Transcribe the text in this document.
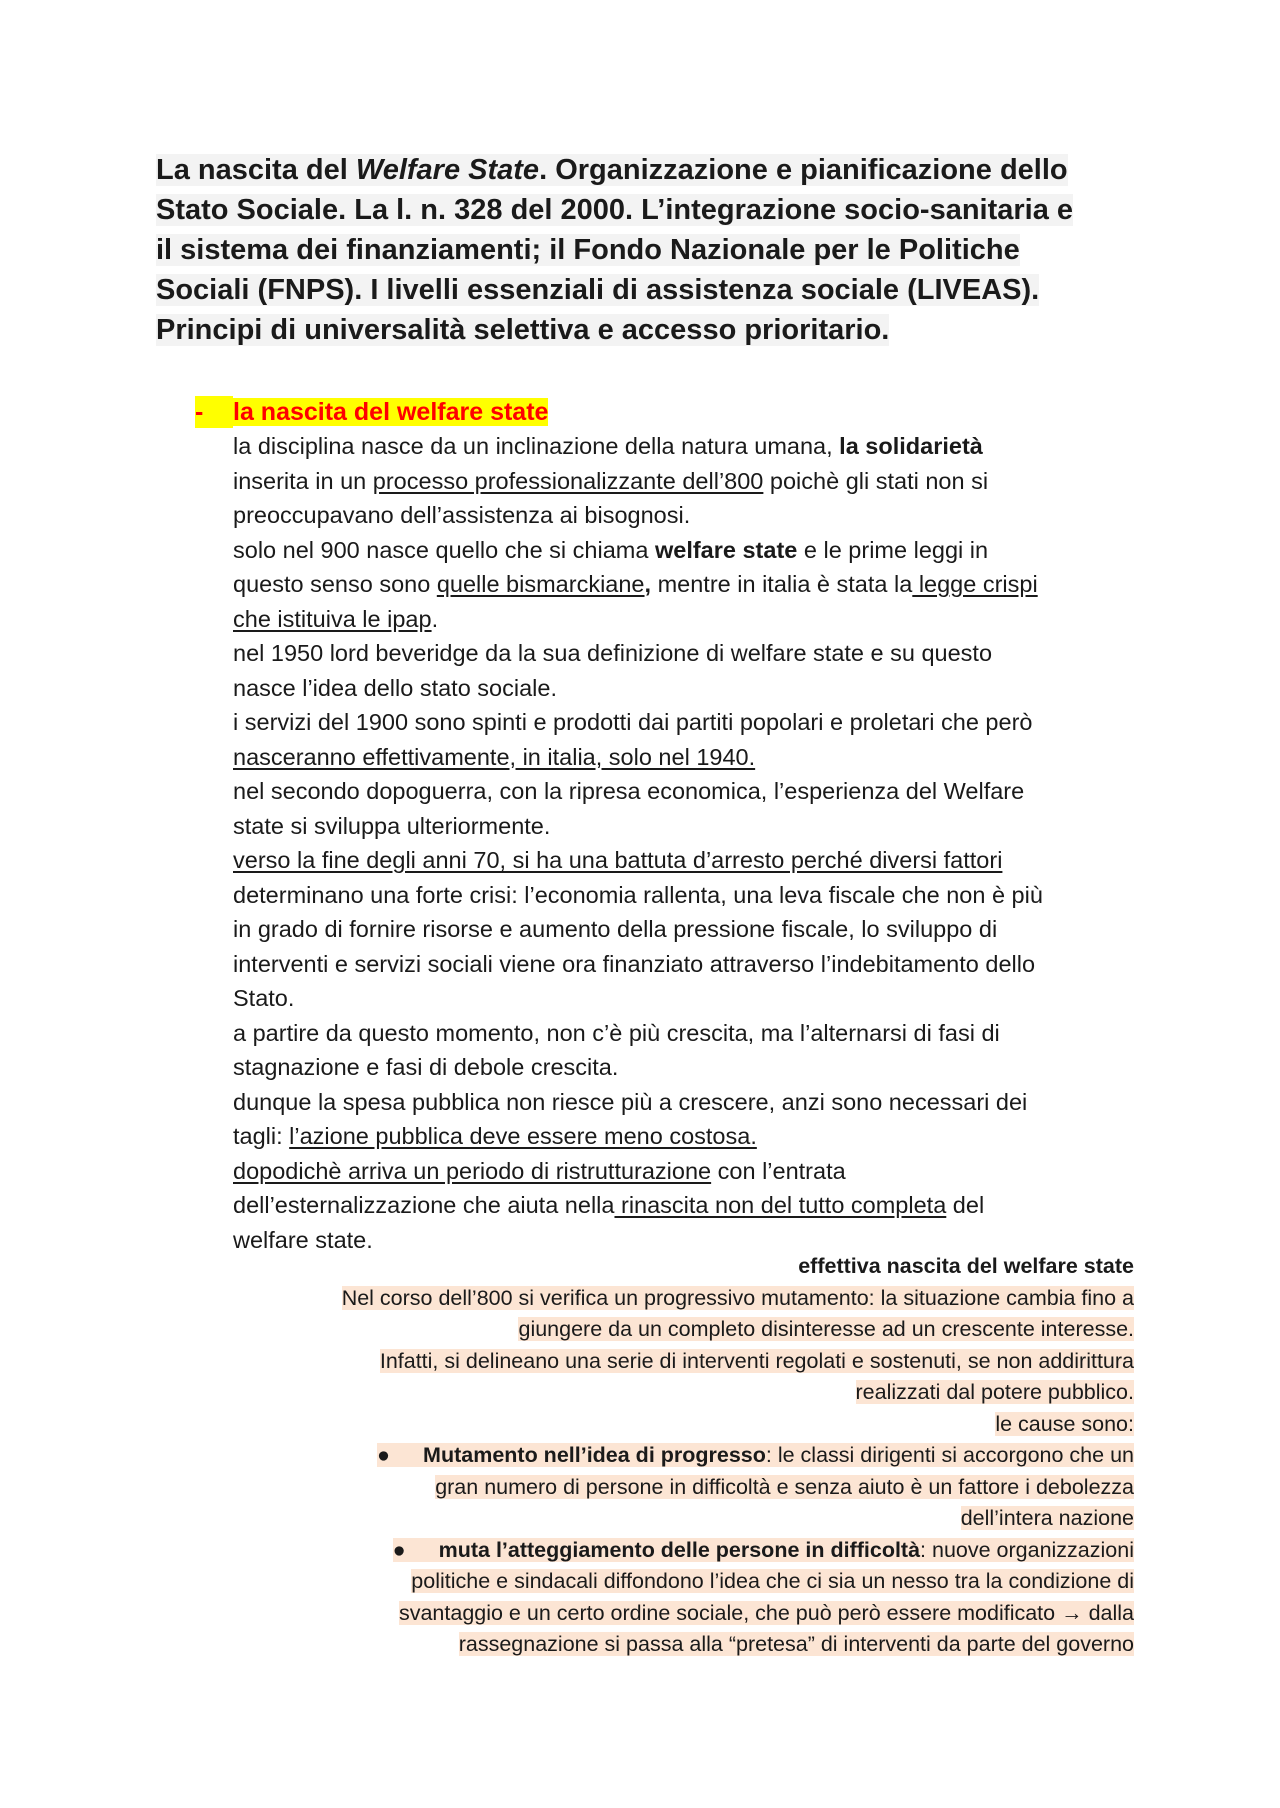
La nascita del Welfare State. Organizzazione e pianificazione dello
Stato Sociale. La l. n. 328 del 2000. L’integrazione socio-sanitaria e
il sistema dei finanziamenti; il Fondo Nazionale per le Politiche
Sociali (FNPS). I livelli essenziali di assistenza sociale (LIVEAS).
Principi di universalità selettiva e accesso prioritario.
- la nascita del welfare state
la disciplina nasce da un inclinazione della natura umana, la solidarietà
inserita in un processo professionalizzante dell’800 poichè gli stati non si
preoccupavano dell’assistenza ai bisognosi.
solo nel 900 nasce quello che si chiama welfare state e le prime leggi in
questo senso sono quelle bismarckiane, mentre in italia è stata la legge crispi
che istituiva le ipap.
nel 1950 lord beveridge da la sua definizione di welfare state e su questo
nasce l’idea dello stato sociale.
i servizi del 1900 sono spinti e prodotti dai partiti popolari e proletari che però
nasceranno effettivamente, in italia, solo nel 1940.
nel secondo dopoguerra, con la ripresa economica, l’esperienza del Welfare
state si sviluppa ulteriormente.
verso la fine degli anni 70, si ha una battuta d’arresto perché diversi fattori
determinano una forte crisi: l’economia rallenta, una leva fiscale che non è più
in grado di fornire risorse e aumento della pressione fiscale, lo sviluppo di
interventi e servizi sociali viene ora finanziato attraverso l’indebitamento dello
Stato.
a partire da questo momento, non c’è più crescita, ma l’alternarsi di fasi di
stagnazione e fasi di debole crescita.
dunque la spesa pubblica non riesce più a crescere, anzi sono necessari dei
tagli: l’azione pubblica deve essere meno costosa.
dopodichè arriva un periodo di ristrutturazione con l’entrata
dell’esternalizzazione che aiuta nella rinascita non del tutto completa del
welfare state.
effettiva nascita del welfare state
Nel corso dell’800 si verifica un progressivo mutamento: la situazione cambia fino a
giungere da un completo disinteresse ad un crescente interesse.
Infatti, si delineano una serie di interventi regolati e sostenuti, se non addirittura
realizzati dal potere pubblico.
le cause sono:
● Mutamento nell’idea di progresso: le classi dirigenti si accorgono che un
gran numero di persone in difficoltà e senza aiuto è un fattore i debolezza
dell’intera nazione
● muta l’atteggiamento delle persone in difficoltà: nuove organizzazioni
politiche e sindacali diffondono l’idea che ci sia un nesso tra la condizione di
svantaggio e un certo ordine sociale, che può però essere modificato → dalla
rassegnazione si passa alla “pretesa” di interventi da parte del governo
